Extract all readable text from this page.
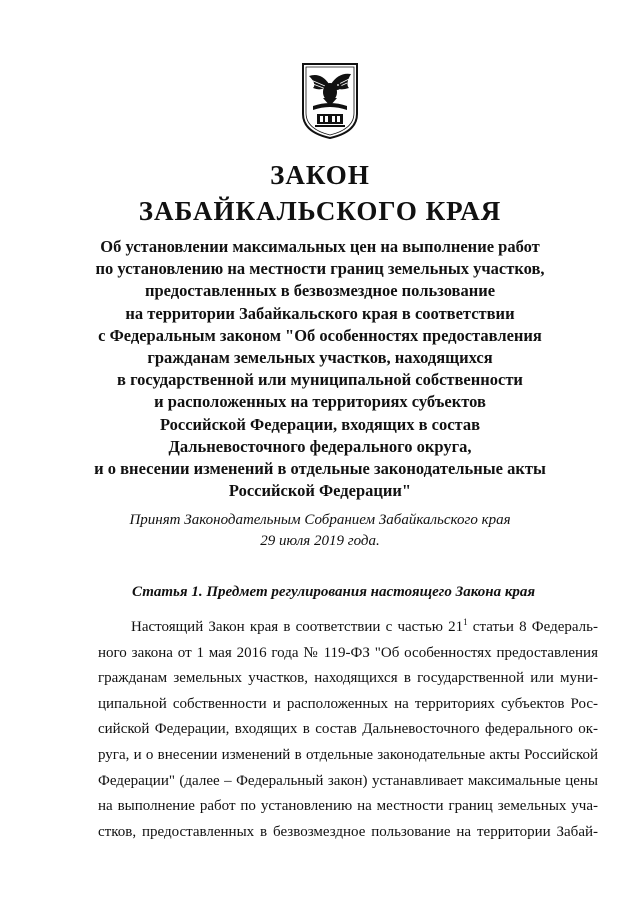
ЗАКОН
ЗАБАЙКАЛЬСКОГО КРАЯ
Об установлении максимальных цен на выполнение работ
по установлению на местности границ земельных участков,
предоставленных в безвозмездное пользование
на территории Забайкальского края в соответствии
с Федеральным законом "Об особенностях предоставления
гражданам земельных участков, находящихся
в государственной или муниципальной собственности
и расположенных на территориях субъектов
Российской Федерации, входящих в состав
Дальневосточного федерального округа,
и о внесении изменений в отдельные законодательные акты
Российской Федерации"
Принят Законодательным Собранием Забайкальского края
29 июля 2019 года.
Статья 1. Предмет регулирования настоящего Закона края
Настоящий Закон края в соответствии с частью $21^1$ статьи 8 Федераль-
ного закона от 1 мая 2016 года № 119-ФЗ "Об особенностях предоставления
гражданам земельных участков, находящихся в государственной или муни-
ципальной собственности и расположенных на территориях субъектов Рос-
сийской Федерации, входящих в состав Дальневосточного федерального ок-
руга, и о внесении изменений в отдельные законодательные акты Российской
Федерации" (далее – Федеральный закон) устанавливает максимальные цены
на выполнение работ по установлению на местности границ земельных уча-
стков, предоставленных в безвозмездное пользование на территории Забай-
